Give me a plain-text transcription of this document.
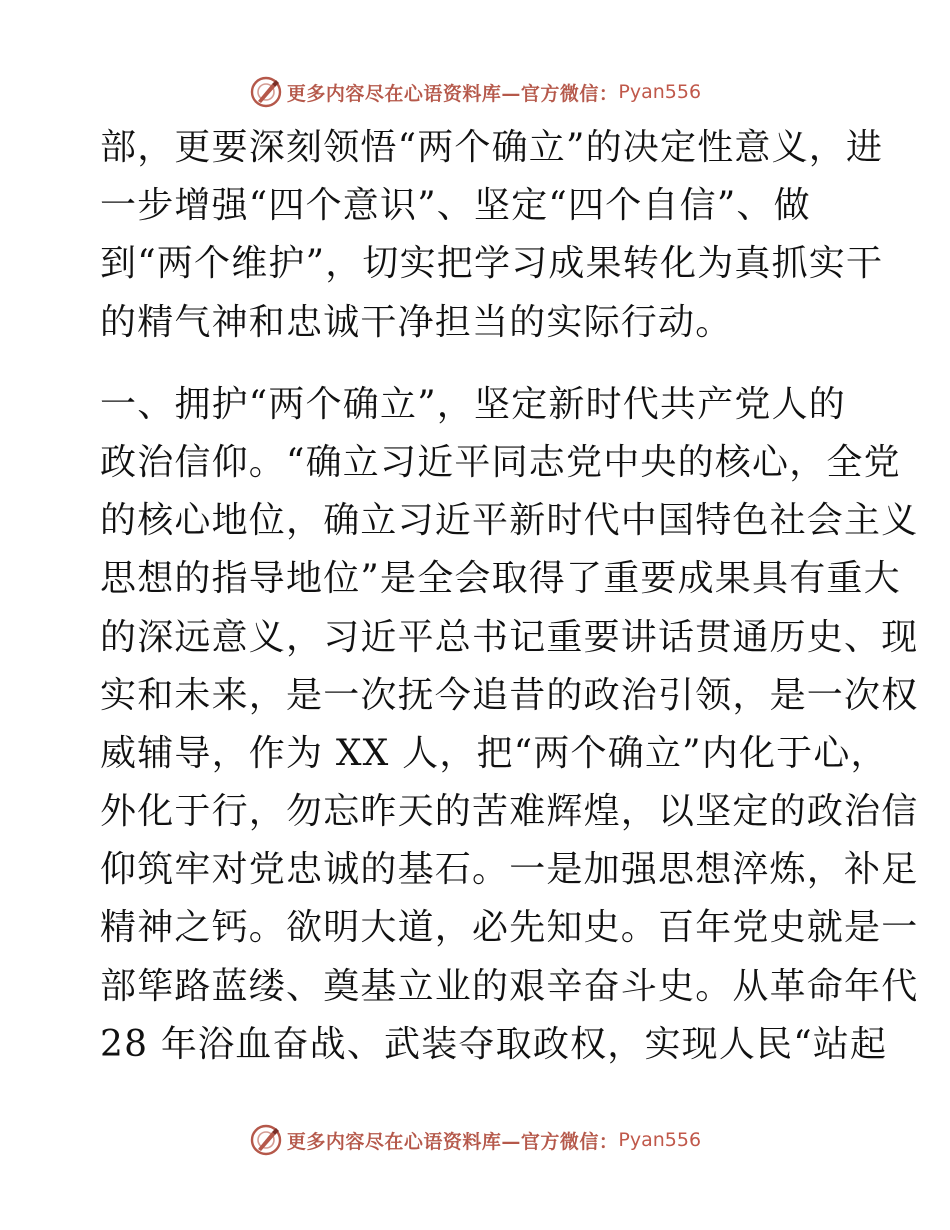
更多内容尽在心语资料库—官方微信： Pyan556
部，更要深刻领悟“两个确立”的决定性意义，进
一步增强“四个意识”、坚定“四个自信”、做
到“两个维护”，切实把学习成果转化为真抓实干
的精气神和忠诚干净担当的实际行动。
一、拥护“两个确立”，坚定新时代共产党人的
政治信仰。“确立习近平同志党中央的核心，全党
的核心地位，确立习近平新时代中国特色社会主义
思想的指导地位”是全会取得了重要成果具有重大
的深远意义，习近平总书记重要讲话贯通历史、现
实和未来，是一次抚今追昔的政治引领，是一次权
威辅导，作为 XX 人，把“两个确立”内化于心，
外化于行，勿忘昨天的苦难辉煌，以坚定的政治信
仰筑牢对党忠诚的基石。一是加强思想淬炼，补足
精神之钙。欲明大道，必先知史。百年党史就是一
部筚路蓝缕、奠基立业的艰辛奋斗史。从革命年代
28 年浴血奋战、武装夺取政权，实现人民“站起
更多内容尽在心语资料库—官方微信： Pyan556
